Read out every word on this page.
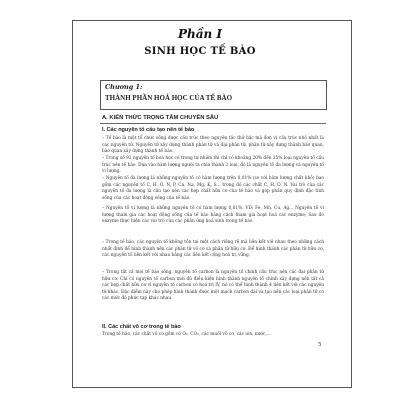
Phần I
SINH HỌC TẾ BÀO
Chương 1:
THÀNH PHẦN HOÁ HỌC CỦA TẾ BÀO
A. KIẾN THỨC TRỌNG TÂM CHUYÊN SÂU
I. Các nguyên tố cấu tạo nên tế bào
– Tế bào là một tổ chức sống được cấu trúc theo nguyên tắc thứ bậc mà đơn vị cấu trúc nhỏ nhất là các nguyên tử. Nguyên tử xây dựng thành phân tử và đại phân tử, phân tử xây dựng thành bào quan, bào quan xây dựng thành tế bào.
– Trong số 92 nguyên tố hoá học có trong tự nhiên thì chỉ có khoảng 20% đến 25% loại nguyên tố cấu trúc nên tế bào. Dựa vào hàm lượng người ta chia thành 2 loại, đó là nguyên tố đa lượng và nguyên tố vi lượng.
– Nguyên tố đa lượng là những nguyên tố có hàm lượng trên 0,01% (so với hàm lượng chất khô) bao gồm các nguyên tố C, H, O, N, P, Ca, Na, Mg, K, S... trong đó các chất C, H, O, N. Vai trò của các nguyên tố đa lượng là cấu tạo nên các hợp chất hữu cơ của tế bào và góp phần quy định đặc tính sống của các hoạt động sống của tế bào.
– Nguyên tố vi lượng là những nguyên tố có hàm lượng 0,01%. VD: Fe, Mn, Cu, Ag... Nguyên tố vi lượng tham gia các hoạt động sống của tế bào bằng cách tham gia hoạt hoá các enzyme; Sau đó enzyme thực hiện các vai trò của các phản ứng hoá sinh trong tế bào.
– Trong tế bào, các nguyên tố không tồn tại một cách riêng rẽ mà liên kết với nhau theo những cách nhất định để hình thành nên các phân tử vô cơ và phân tử hữu cơ. Để hình thành các phân tử hữu cơ, các nguyên tố liên kết với nhau bằng các liên kết cộng hoá trị vững.
– Trong tất cả mọi tế bào sống, nguyên tố carbon là nguyên tố chính cấu trúc nên các đại phân tử hữu cơ. Chỉ có nguyên tố carbon mới đủ điều kiện hình thành nguyên tố chính xây dựng nên tất cả các hợp chất hữu cơ vì nguyên tố carbon có hoá trị IV, nó có thể hình thành 4 liên kết với các nguyên tử khác. Đặc điểm này cho phép hình thành được một mạch carbon dài và tạo nên các loại phân tử có các mức độ phức tạp khác nhau.
II. Các chất vô cơ trong tế bào
Trong tế bào, các chất vô cơ gồm có O₂, CO₂, các muối vô cơ, các ion, nước,...
5
